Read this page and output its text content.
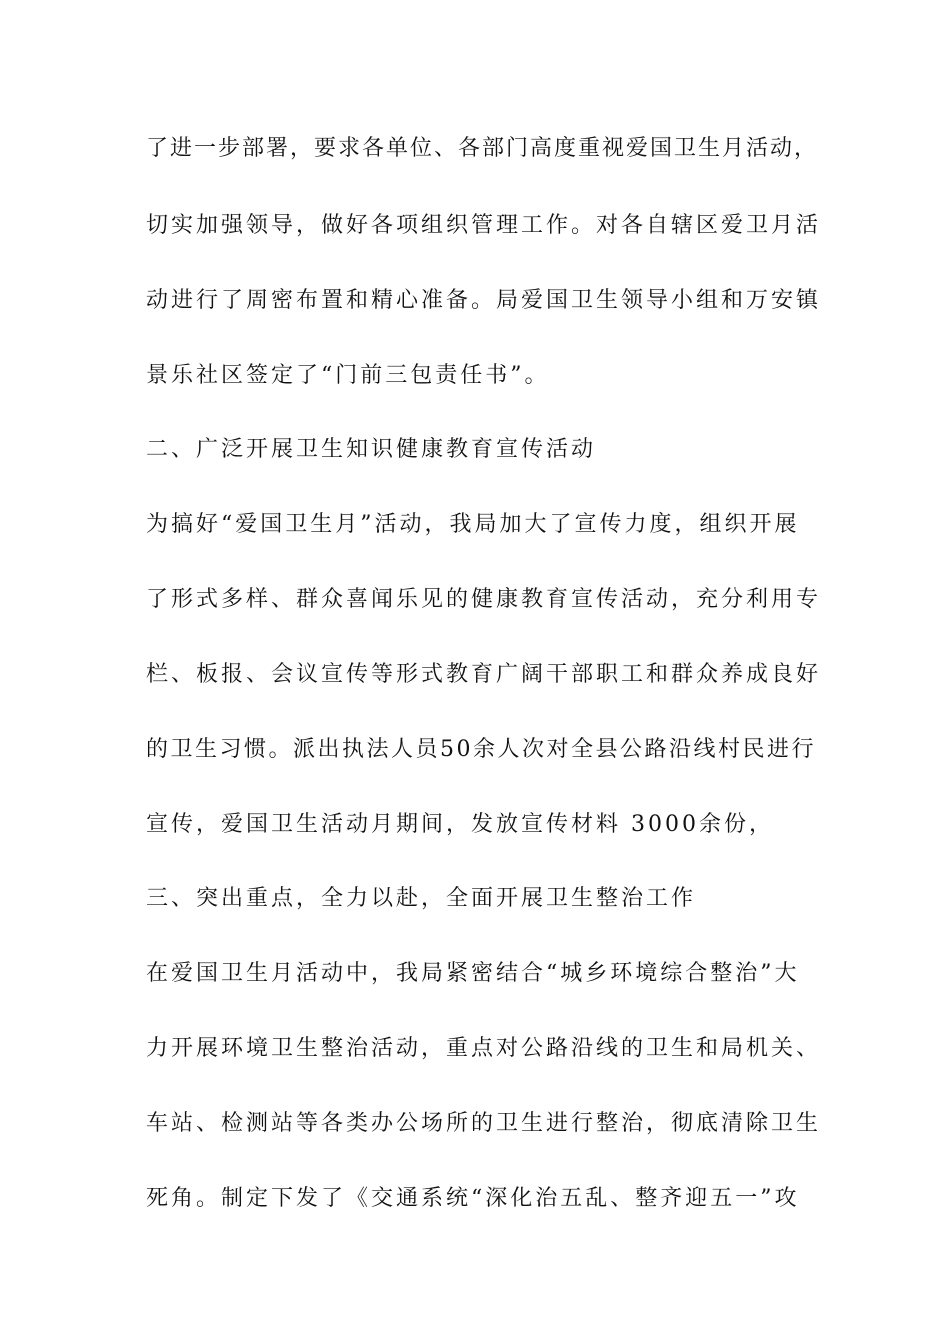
了进一步部署，要求各单位、各部门高度重视爱国卫生月活动，
切实加强领导，做好各项组织管理工作。对各自辖区爱卫月活
动进行了周密布置和精心准备。局爱国卫生领导小组和万安镇
景乐社区签定了“门前三包责任书”。
二、广泛开展卫生知识健康教育宣传活动
为搞好“爱国卫生月”活动，我局加大了宣传力度，组织开展
了形式多样、群众喜闻乐见的健康教育宣传活动，充分利用专
栏、板报、会议宣传等形式教育广阔干部职工和群众养成良好
的卫生习惯。派出执法人员50余人次对全县公路沿线村民进行
宣传，爱国卫生活动月期间，发放宣传材料 3000余份，
三、突出重点，全力以赴，全面开展卫生整治工作
在爱国卫生月活动中，我局紧密结合“城乡环境综合整治”大
力开展环境卫生整治活动，重点对公路沿线的卫生和局机关、
车站、检测站等各类办公场所的卫生进行整治，彻底清除卫生
死角。制定下发了《交通系统“深化治五乱、整齐迎五一”攻
